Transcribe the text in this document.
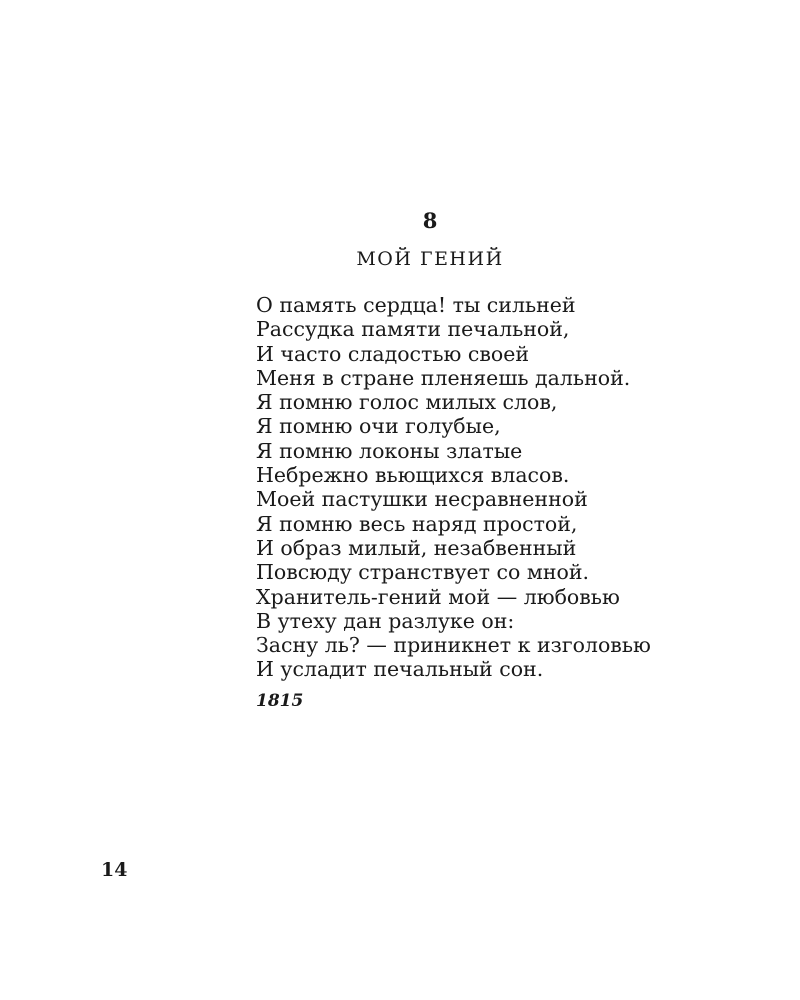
8
МОЙ ГЕНИЙ
О память сердца! ты сильней
Рассудка памяти печальной,
И часто сладостью своей
Меня в стране пленяешь дальной.
Я помню голос милых слов,
Я помню очи голубые,
Я помню локоны златые
Небрежно вьющихся власов.
Моей пастушки несравненной
Я помню весь наряд простой,
И образ милый, незабвенный
Повсюду странствует со мной.
Хранитель-гений мой — любовью
В утеху дан разлуке он:
Засну ль? — приникнет к изголовью
И усладит печальный сон.
1815
14
